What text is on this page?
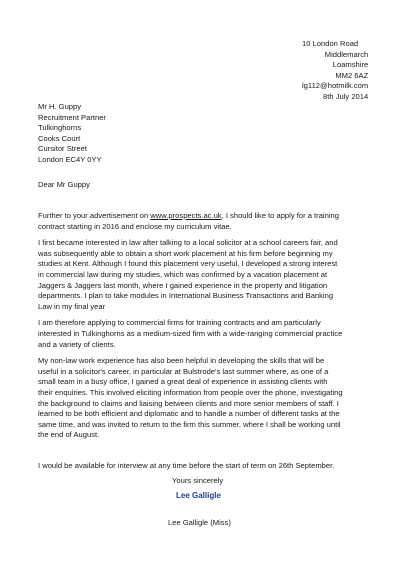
10 London Road
Middlemarch
Loamshire
MM2 6AZ
lg112@hotmilk.com
8th July 2014
Mr H. Guppy
Recruitment Partner
Tulkinghorns
Cooks Court
Cursitor Street
London EC4Y 0YY
Dear Mr Guppy
Further to your advertisement on www.prospects.ac.uk, I should like to apply for a training
contract starting in 2016 and enclose my curriculum vitae.
I first became interested in law after talking to a local solicitor at a school careers fair, and
was subsequently able to obtain a short work placement at his firm before beginning my
studies at Kent. Although I found this placement very useful, I developed a strong interest
in commercial law during my studies, which was confirmed by a vacation placement at
Jaggers & Jaggers last month, where I gained experience in the property and litigation
departments. I plan to take modules in International Business Transactions and Banking
Law in my final year
I am therefore applying to commercial firms for training contracts and am particularly
interested in Tulkinghorns as a medium-sized firm with a wide-ranging commercial practice
and a variety of clients.
My non-law work experience has also been helpful in developing the skills that will be
useful in a solicitor's career, in particular at Bulstrode's last summer where, as one of a
small team in a busy office, I gained a great deal of experience in assisting clients with
their enquiries. This involved eliciting information from people over the phone, investigating
the background to claims and liaising between clients and more senior members of staff. I
learned to be both efficient and diplomatic and to handle a number of different tasks at the
same time, and was invited to return to the firm this summer, where I shall be working until
the end of August.
I would be available for interview at any time before the start of term on 26th September.
Yours sincerely
Lee Galligle
Lee Galligle (Miss)
